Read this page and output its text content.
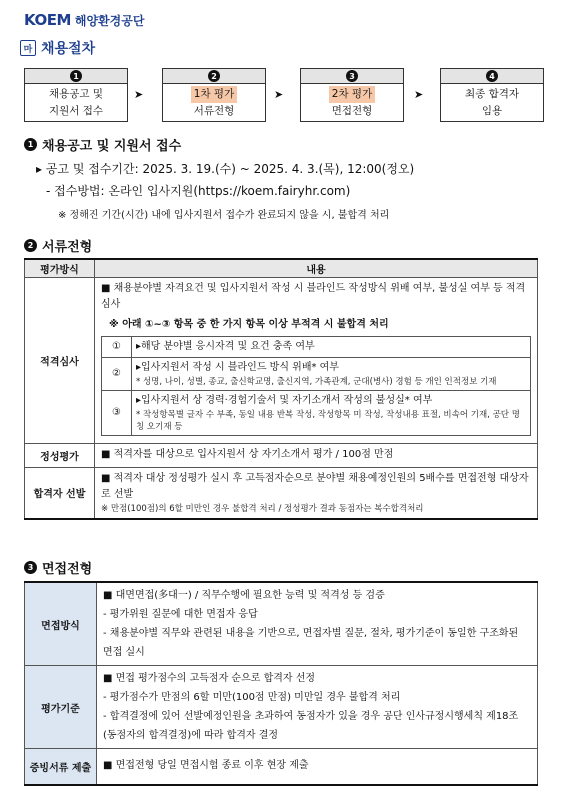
KOEM 해양환경공단
마 채용절차
1
채용공고 및
지원서 접수
➤
2
1차 평가
서류전형
➤
3
2차 평가
면접전형
➤
4
최종 합격자
임용
1 채용공고 및 지원서 접수
▸ 공고 및 접수기간: 2025. 3. 19.(수) ~ 2025. 4. 3.(목), 12:00(정오)
- 접수방법: 온라인 입사지원(https://koem.fairyhr.com)
※ 정해진 기간(시간) 내에 입사지원서 접수가 완료되지 않을 시, 불합격 처리
2 서류전형
평가방식	내용
적격심사	
■ 채용분야별 자격요건 및 입사지원서 작성 시 블라인드 작성방식 위배 여부, 불성실 여부 등 적격심사
※ 아래 ①~③ 항목 중 한 가지 항목 이상 부적격 시 불합격 처리
①	▸해당 분야별 응시자격 및 요건 충족 여부
②	
▸입사지원서 작성 시 블라인드 방식 위배* 여부
* 성명, 나이, 성별, 종교, 출신학교명, 출신지역, 가족관계, 군대(병사) 경험 등 개인 인적정보 기재

③	
▸입사지원서 상 경력·경험기술서 및 자기소개서 작성의 불성실* 여부
* 작성항목별 글자 수 부족, 동일 내용 반복 작성, 작성항목 미 작성, 작성내용 표절, 비속어 기재, 공단 명칭 오기재 등

정성평가	■ 적격자를 대상으로 입사지원서 상 자기소개서 평가 / 100점 만점
합격자 선발	
■ 적격자 대상 정성평가 실시 후 고득점자순으로 분야별 채용예정인원의 5배수를 면접전형 대상자로 선발
※ 만점(100점)의 6할 미만인 경우 불합격 처리 / 정성평가 결과 동점자는 복수합격처리
3 면접전형
면접방식	■ 대면면접(多대一) / 직무수행에 필요한 능력 및 적격성 등 검증
- 평가위원 질문에 대한 면접자 응답
- 채용분야별 직무와 관련된 내용을 기반으로, 면접자별 질문, 절차, 평가기준이 동일한 구조화된 면접 실시

평가기준	■ 면접 평가점수의 고득점자 순으로 합격자 선정
- 평가점수가 만점의 6할 미만(100점 만점) 미만일 경우 불합격 처리
- 합격결정에 있어 선발예정인원을 초과하여 동점자가 있을 경우 공단 인사규정시행세칙 제18조(동점자의 합격결정)에 따라 합격자 결정

증빙서류 제출	■ 면접전형 당일 면접시험 종료 이후 현장 제출
